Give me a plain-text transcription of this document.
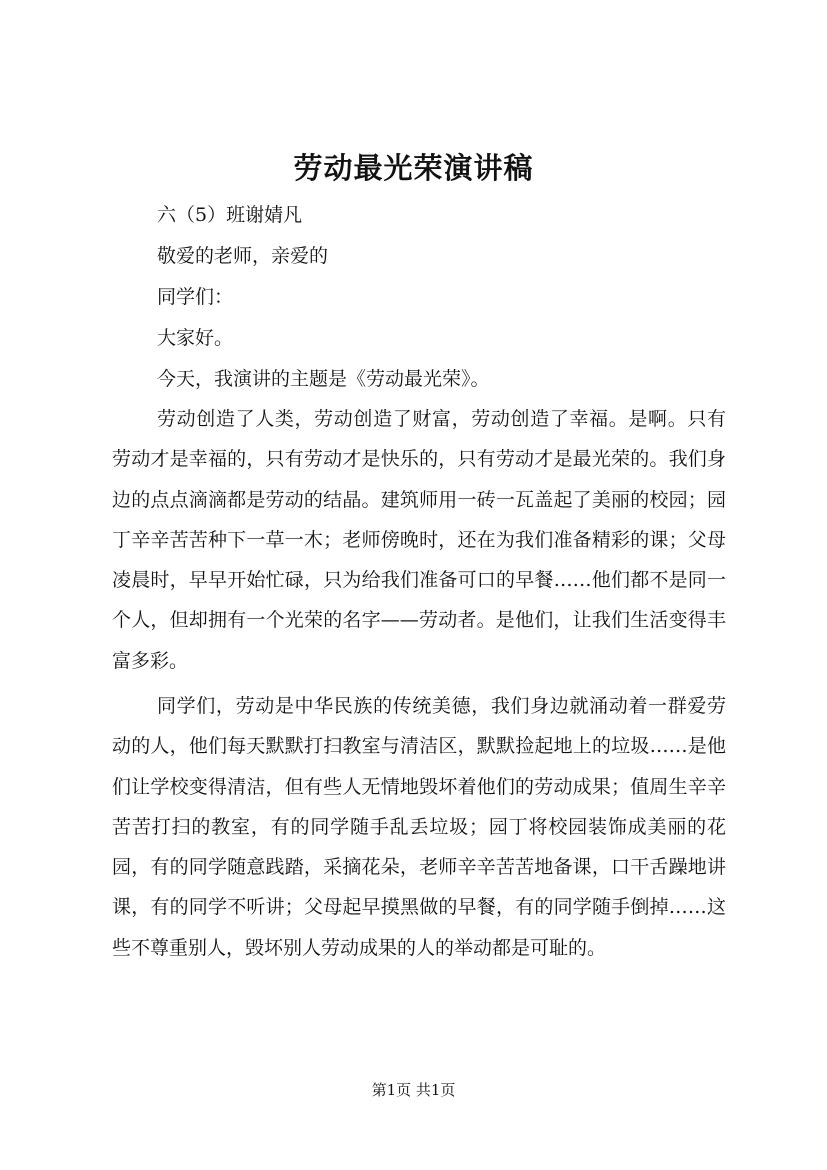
劳动最光荣演讲稿
六（5）班谢婧凡
敬爱的老师，亲爱的
同学们：
大家好。
今天，我演讲的主题是《劳动最光荣》。

劳动创造了人类，劳动创造了财富，劳动创造了幸福。是啊。只有劳动才是幸福的，只有劳动才是快乐的，只有劳动才是最光荣的。我们身边的点点滴滴都是劳动的结晶。建筑师用一砖一瓦盖起了美丽的校园；园丁辛辛苦苦种下一草一木；老师傍晚时，还在为我们准备精彩的课；父母凌晨时，早早开始忙碌，只为给我们准备可口的早餐……他们都不是同一个人，但却拥有一个光荣的名字——劳动者。是他们，让我们生活变得丰富多彩。

同学们，劳动是中华民族的传统美德，我们身边就涌动着一群爱劳动的人，他们每天默默打扫教室与清洁区，默默捡起地上的垃圾……是他们让学校变得清洁，但有些人无情地毁坏着他们的劳动成果；值周生辛辛苦苦打扫的教室，有的同学随手乱丢垃圾；园丁将校园装饰成美丽的花园，有的同学随意践踏，采摘花朵，老师辛辛苦苦地备课，口干舌躁地讲课，有的同学不听讲；父母起早摸黑做的早餐，有的同学随手倒掉……这些不尊重别人，毁坏别人劳动成果的人的举动都是可耻的。

第1页 共1页
